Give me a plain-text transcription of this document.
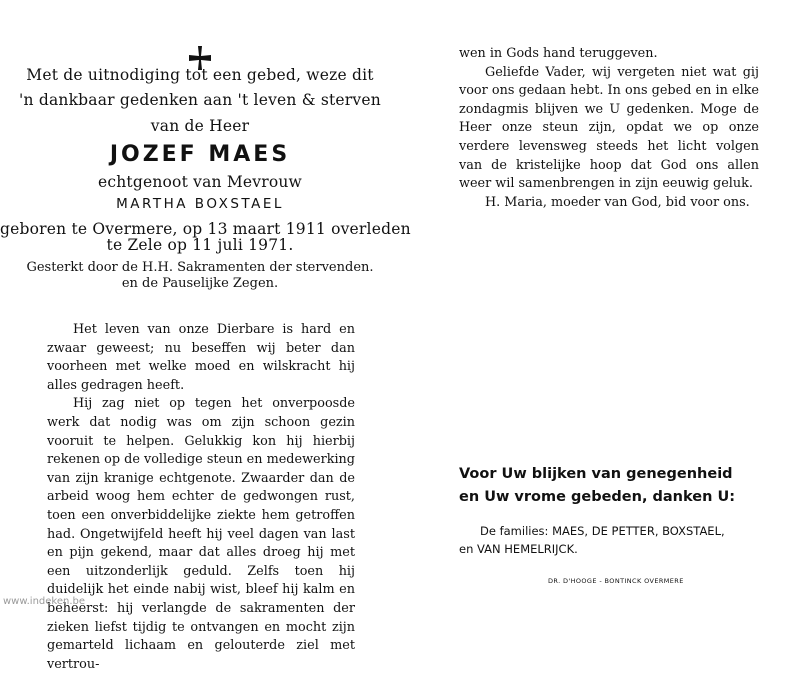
Met de uitnodiging tot een gebed, weze dit
'n dankbaar gedenken aan 't leven & sterven
van de Heer
JOZEF MAES
echtgenoot van Mevrouw
MARTHA BOXSTAEL
geboren te Overmere, op 13 maart 1911 overleden
te Zele op 11 juli 1971.
Gesterkt door de H.H. Sakramenten der stervenden.
en de Pauselijke Zegen.

Het leven van onze Dierbare is hard en zwaar geweest; nu beseffen wij beter dan voorheen met welke moed en wilskracht hij alles gedragen heeft.

Hij zag niet op tegen het onverpoosde werk dat nodig was om zijn schoon gezin vooruit te helpen. Gelukkig kon hij hierbij rekenen op de volledige steun en medewerking van zijn kranige echtgenote. Zwaarder dan de arbeid woog hem echter de gedwongen rust, toen een onverbiddelijke ziekte hem getroffen had. Ongetwijfeld heeft hij veel dagen van last en pijn gekend, maar dat alles droeg hij met een uitzonderlijk geduld. Zelfs toen hij duidelijk het einde nabij wist, bleef hij kalm en beheerst: hij verlangde de sakramenten der zieken liefst tijdig te ontvangen en mocht zijn gemarteld lichaam en gelouterde ziel met vertrou-

wen in Gods hand teruggeven.

Geliefde Vader, wij vergeten niet wat gij voor ons gedaan hebt. In ons gebed en in elke zondagmis blijven we U gedenken. Moge de Heer onze steun zijn, opdat we op onze verdere levensweg steeds het licht volgen van de kristelijke hoop dat God ons allen weer wil samenbrengen in zijn eeuwig geluk.

H. Maria, moeder van God, bid voor ons.

Voor Uw blijken van genegenheid
en Uw vrome gebeden, danken U:
De families: MAES, DE PETTER, BOXSTAEL,
en VAN HEMELRIJCK.
DR. D'HOOGE - BONTINCK OVERMERE
www.indeken.be
